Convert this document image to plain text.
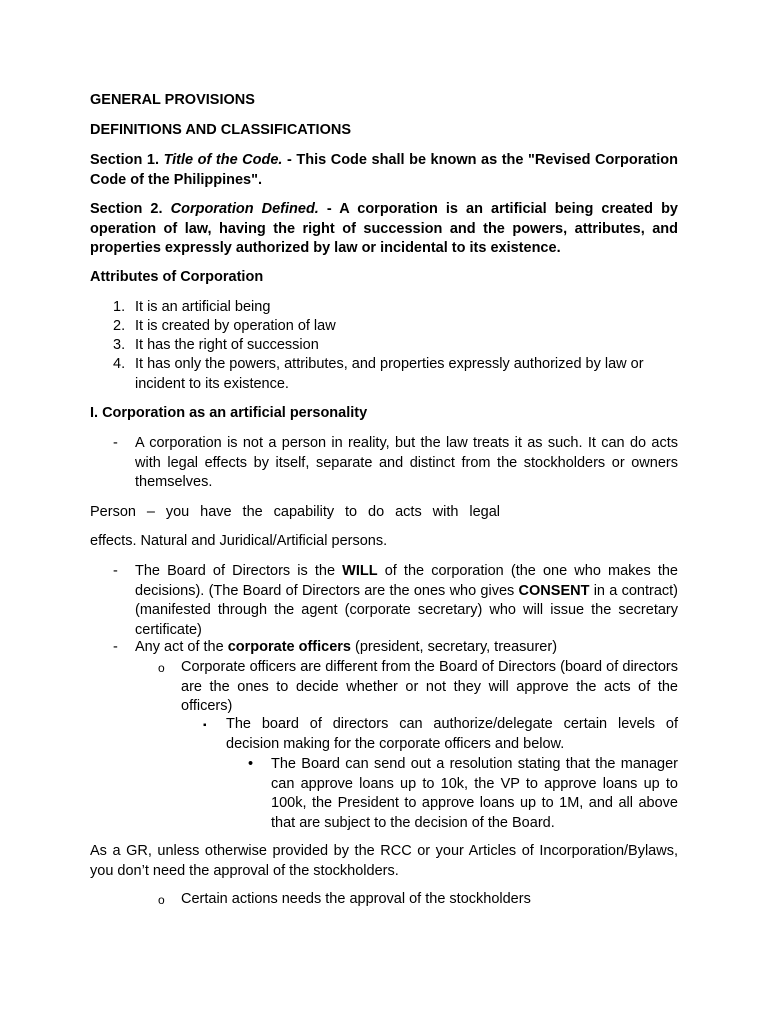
GENERAL PROVISIONS
DEFINITIONS AND CLASSIFICATIONS
Section 1. Title of the Code. - This Code shall be known as the "Revised Corporation Code of the Philippines".
Section 2. Corporation Defined. - A corporation is an artificial being created by operation of law, having the right of succession and the powers, attributes, and properties expressly authorized by law or incidental to its existence.
Attributes of Corporation
1. It is an artificial being
2. It is created by operation of law
3. It has the right of succession
4. It has only the powers, attributes, and properties expressly authorized by law or incident to its existence.
I. Corporation as an artificial personality
- A corporation is not a person in reality, but the law treats it as such. It can do acts with legal effects by itself, separate and distinct from the stockholders or owners themselves.
Person – you have the capability to do acts with legal
effects. Natural and Juridical/Artificial persons.
- The Board of Directors is the WILL of the corporation (the one who makes the decisions). (The Board of Directors are the ones who gives CONSENT in a contract) (manifested through the agent (corporate secretary) who will issue the secretary certificate)
- Any act of the corporate officers (president, secretary, treasurer)
o Corporate officers are different from the Board of Directors (board of directors are the ones to decide whether or not they will approve the acts of the officers)
▪ The board of directors can authorize/delegate certain levels of decision making for the corporate officers and below.
• The Board can send out a resolution stating that the manager can approve loans up to 10k, the VP to approve loans up to 100k, the President to approve loans up to 1M, and all above that are subject to the decision of the Board.
As a GR, unless otherwise provided by the RCC or your Articles of Incorporation/Bylaws, you don’t need the approval of the stockholders.
o Certain actions needs the approval of the stockholders
